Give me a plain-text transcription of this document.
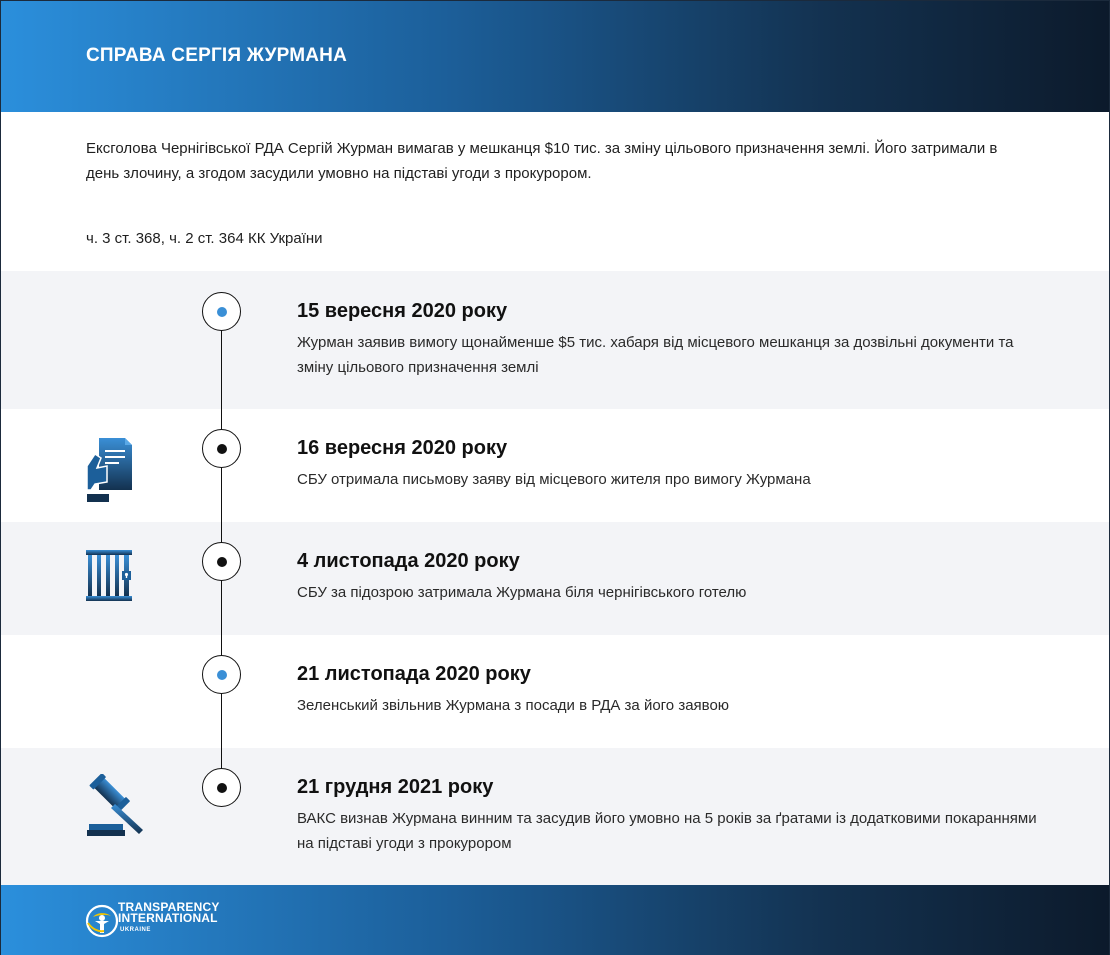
СПРАВА СЕРГІЯ ЖУРМАНА
Ексголова Чернігівської РДА Сергій Журман вимагав у мешканця $10 тис. за зміну цільового призначення землі. Його затримали в день злочину, а згодом засудили умовно на підставі угоди з прокурором.
ч. 3 ст. 368, ч. 2 ст. 364 КК України
15 вересня 2020 року
Журман заявив вимогу щонайменше $5 тис. хабаря від місцевого мешканця за дозвільні документи та зміну цільового призначення землі
16 вересня 2020 року
СБУ отримала письмову заяву від місцевого жителя про вимогу Журмана
4 листопада 2020 року
СБУ за підозрою затримала Журмана біля чернігівського готелю
21 листопада 2020 року
Зеленський звільнив Журмана з посади в РДА за його заявою
21 грудня 2021 року
ВАКС визнав Журмана винним та засудив його умовно на 5 років за ґратами із додатковими покараннями на підставі угоди з прокурором
TRANSPARENCY
INTERNATIONAL
UKRAINE
